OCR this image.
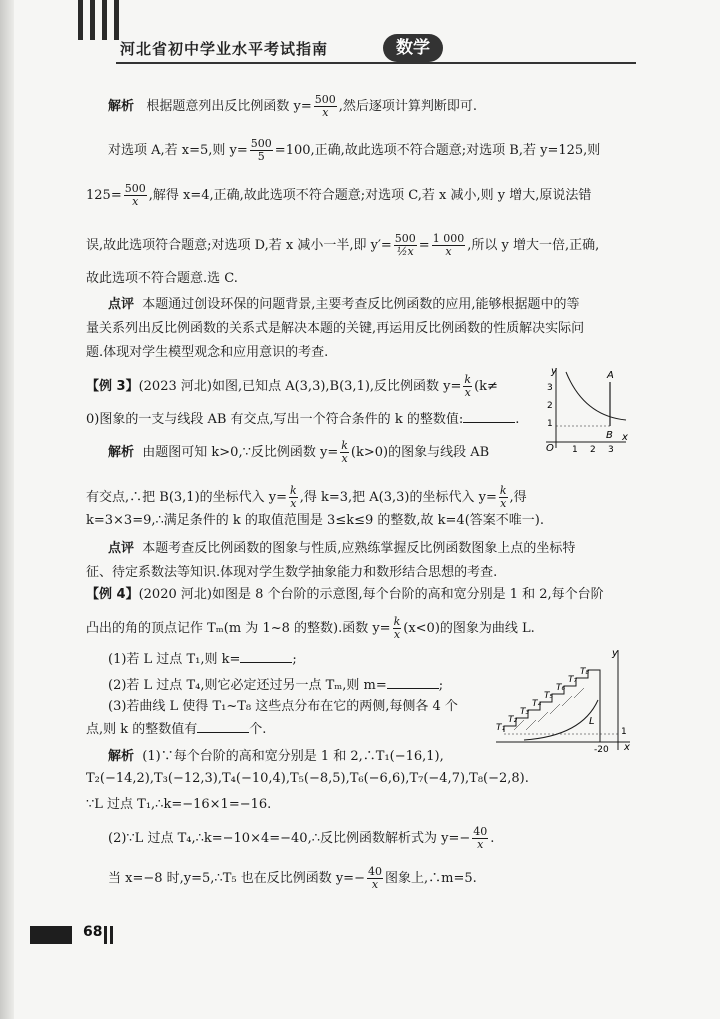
河北省初中学业水平考试指南	数学
解析 根据题意列出反比例函数 $y= \frac{500}{x}$ ,然后逐项计算判断即可.
对选项 A,若 x=5,则 $y= \frac{500}{5} =100$,正确,故此选项不符合题意;对选项 B,若 y=125,则
$125= \frac{500}{x}$ ,解得 x=4,正确,故此选项不符合题意;对选项 C,若 x 减小,则 y 增大,原说法错
误,故此选项符合题意;对选项 D,若 x 减小一半,即 $y'= \frac{500}{\text{½x}} = \frac{1 000}{x}$ ,所以 y 增大一倍,正确,
故此选项不符合题意.选 C.
点评 本题通过创设环保的问题背景,主要考查反比例函数的应用,能够根据题中的等
量关系列出反比例函数的关系式是解决本题的关键,再运用反比例函数的性质解决实际问
题.体现对学生模型观念和应用意识的考查.
【例 3】(2023 河北)如图,已知点 A(3,3),B(3,1),反比例函数 $y= \frac{k}{x} (k\ne$
0)图象的一支与线段 AB 有交点,写出一个符合条件的 k 的整数值:	.
y
x
O 1 2 3
1
2
3
A
B
解析 由题图可知 k>0,∵反比例函数 $y= \frac{k}{x} (k>0)$的图象与线段 AB
有交点,∴把 B(3,1)的坐标代入 $y= \frac{k}{x}$ ,得 k=3,把 A(3,3)的坐标代入 $y= \frac{k}{x}$ ,得
k=3×3=9,∴满足条件的 k 的取值范围是 3≤k≤9 的整数,故 k=4(答案不唯一).
点评 本题考查反比例函数的图象与性质,应熟练掌握反比例函数图象上点的坐标特
征、待定系数法等知识.体现对学生数学抽象能力和数形结合思想的考查.
【例 4】(2020 河北)如图是 8 个台阶的示意图,每个台阶的高和宽分别是 1 和 2,每个台阶
凸出的角的顶点记作 Tₘ(m 为 1~8 的整数).函数 $y= \frac{k}{x} (x<0)$的图象为曲线 L.
(1)若 L 过点 T₁,则 k=	;
(2)若 L 过点 T₄,则它必定还过另一点 Tₘ,则 m=	;
(3)若曲线 L 使得 T₁~T₈ 这些点分布在它的两侧,每侧各 4 个
点,则 k 的整数值有	个.
y
x
-20
1
L
T₁
T₂
T₃
T₄
T₅
T₆
T₇
T₈
解析 (1)∵每个台阶的高和宽分别是 1 和 2,∴T₁(−16,1),
T₂(−14,2),T₃(−12,3),T₄(−10,4),T₅(−8,5),T₆(−6,6),T₇(−4,7),T₈(−2,8).
∵L 过点 T₁,∴k=−16×1=−16.
(2)∵L 过点 T₄,∴k=−10×4=−40,∴反比例函数解析式为 $y=- \frac{40}{x}$ .
当 x=−8 时,y=5,∴T₅ 也在反比例函数 $y=- \frac{40}{x}$ 图象上,∴m=5.
68
